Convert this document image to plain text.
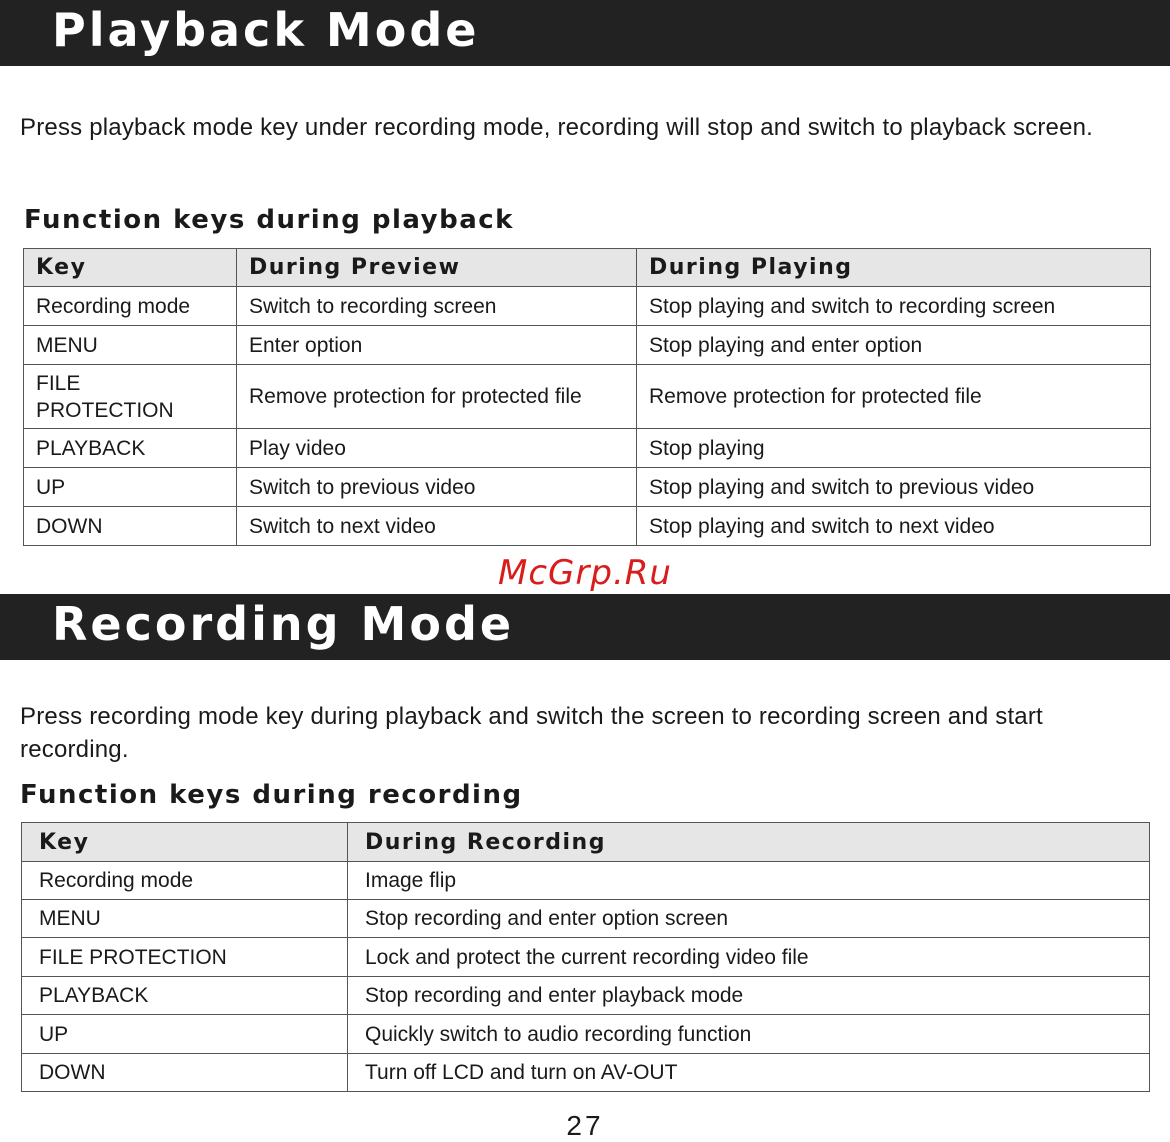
Playback Mode

Press playback mode key under recording mode, recording will stop and switch to playback screen.

Function keys during playback
Key	During Preview	During Playing
Recording mode	Switch to recording screen	Stop playing and switch to recording screen
MENU	Enter option	Stop playing and enter option
FILE PROTECTION	Remove protection for protected file	Remove protection for protected file
PLAYBACK	Play video	Stop playing
UP	Switch to previous video	Stop playing and switch to previous video
DOWN	Switch to next video	Stop playing and switch to next video

McGrp.Ru

Recording Mode

Press recording mode key during playback and switch the screen to recording screen and start recording.

Function keys during recording
Key	During Recording
Recording mode	Image flip
MENU	Stop recording and enter option screen
FILE PROTECTION	Lock and protect the current recording video file
PLAYBACK	Stop recording and enter playback mode
UP	Quickly switch to audio recording function
DOWN	Turn off LCD and turn on AV-OUT

27
